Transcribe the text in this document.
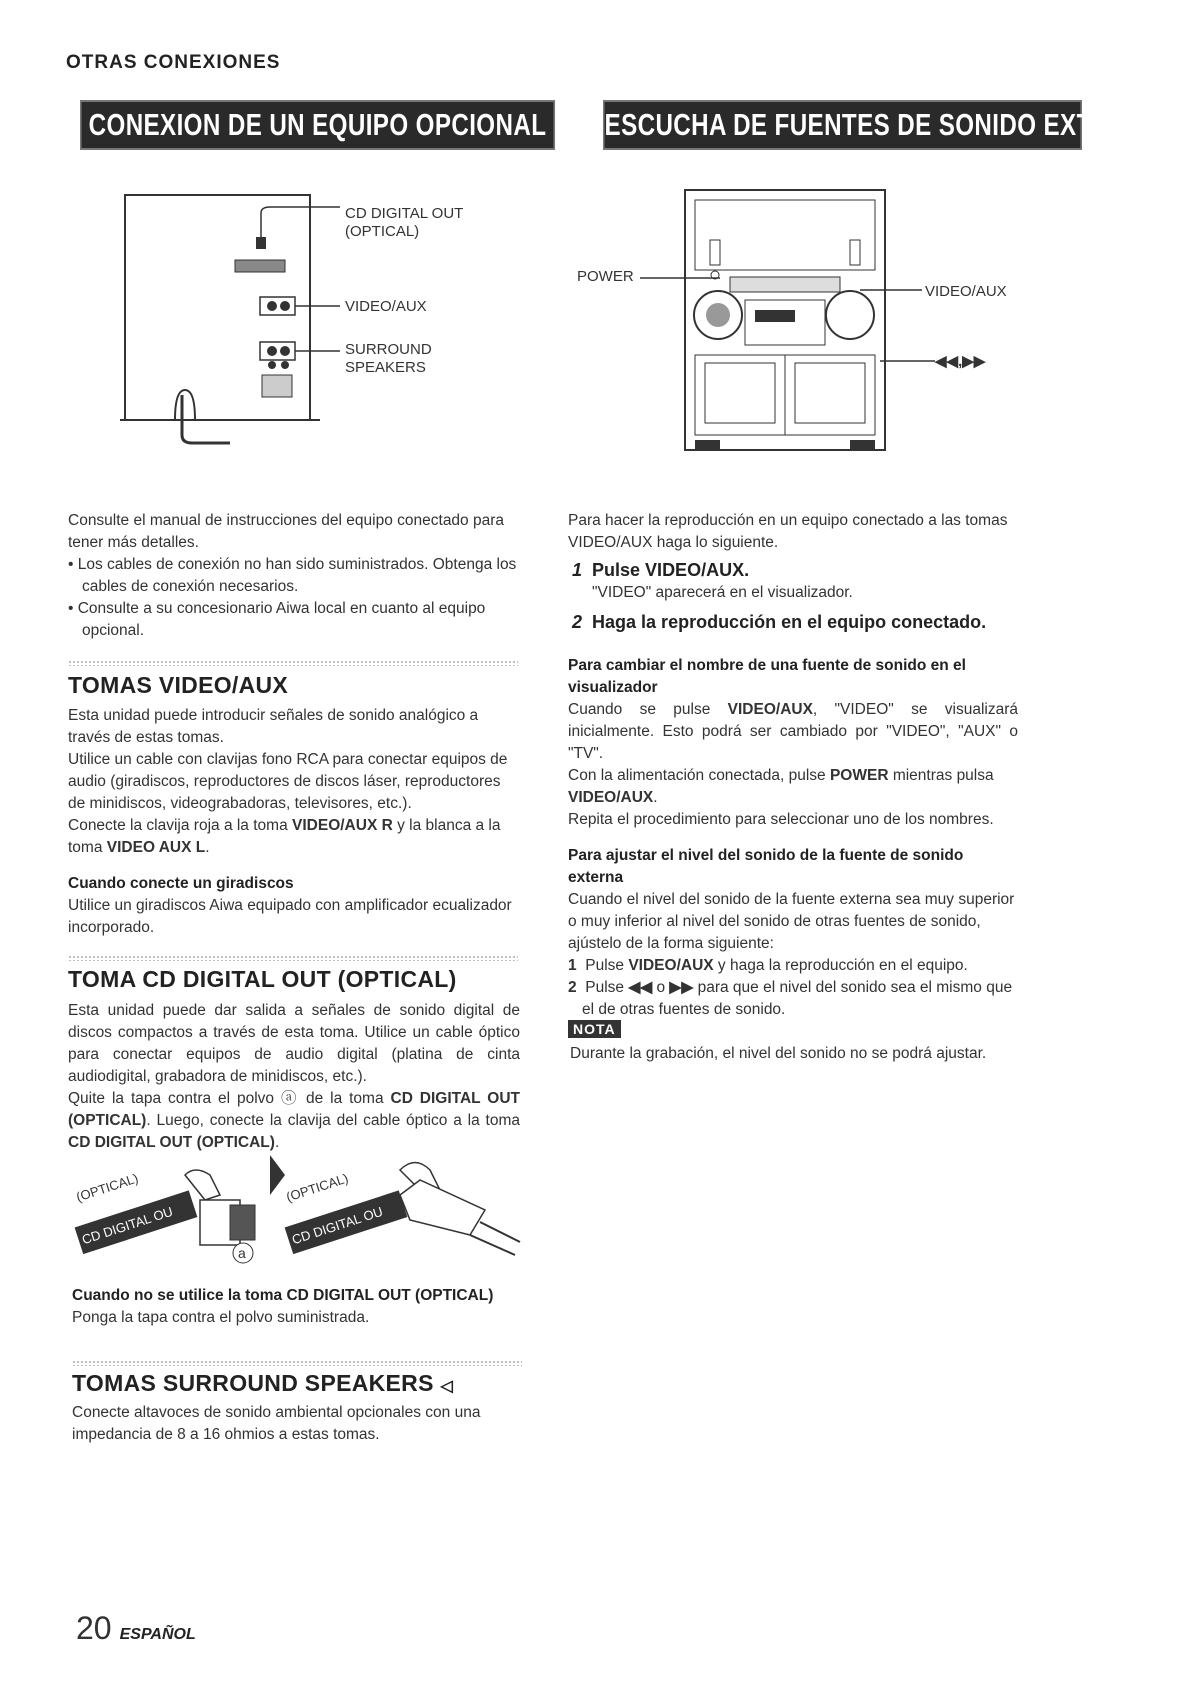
OTRAS CONEXIONES
CONEXION DE UN EQUIPO OPCIONAL ESCUCHA DE FUENTES DE SONIDO EXTERNAS
CD DIGITAL OUT
(OPTICAL)
VIDEO/AUX
SURROUND
SPEAKERS
POWER
VIDEO/AUX
◀◀,▶▶

Consulte el manual de instrucciones del equipo conectado para tener más detalles.

• Los cables de conexión no han sido suministrados. Obtenga los cables de conexión necesarios.

• Consulte a su concesionario Aiwa local en cuanto al equipo opcional.

TOMAS VIDEO/AUX

Esta unidad puede introducir señales de sonido analógico a través de estas tomas.

Utilice un cable con clavijas fono RCA para conectar equipos de audio (giradiscos, reproductores de discos láser, reproductores de minidiscos, videograbadoras, televisores, etc.).

Conecte la clavija roja a la toma VIDEO/AUX R y la blanca a la toma VIDEO AUX L.

Cuando conecte un giradiscos

Utilice un giradiscos Aiwa equipado con amplificador ecualizador incorporado.

TOMA CD DIGITAL OUT (OPTICAL)

Esta unidad puede dar salida a señales de sonido digital de discos compactos a través de esta toma. Utilice un cable óptico para conectar equipos de audio digital (platina de cinta audiodigital, grabadora de minidiscos, etc.).

Quite la tapa contra el polvo ⓐ de la toma CD DIGITAL OUT (OPTICAL). Luego, conecte la clavija del cable óptico a la toma CD DIGITAL OUT (OPTICAL).

(OPTICAL)
CD DIGITAL OU
(OPTICAL)
CD DIGITAL OU
a

Cuando no se utilice la toma CD DIGITAL OUT (OPTICAL)

Ponga la tapa contra el polvo suministrada.

TOMAS SURROUND SPEAKERS ◁

Conecte altavoces de sonido ambiental opcionales con una impedancia de 8 a 16 ohmios a estas tomas.

Para hacer la reproducción en un equipo conectado a las tomas VIDEO/AUX haga lo siguiente.

1 Pulse VIDEO/AUX.
"VIDEO" aparecerá en el visualizador.
2 Haga la reproducción en el equipo conectado.

Para cambiar el nombre de una fuente de sonido en el visualizador

Cuando se pulse VIDEO/AUX, "VIDEO" se visualizará inicialmente. Esto podrá ser cambiado por "VIDEO", "AUX" o "TV".

Con la alimentación conectada, pulse POWER mientras pulsa VIDEO/AUX.

Repita el procedimiento para seleccionar uno de los nombres.

Para ajustar el nivel del sonido de la fuente de sonido externa

Cuando el nivel del sonido de la fuente externa sea muy superior o muy inferior al nivel del sonido de otras fuentes de sonido, ajústelo de la forma siguiente:

1 Pulse VIDEO/AUX y haga la reproducción en el equipo.

2 Pulse ◀◀ o ▶▶ para que el nivel del sonido sea el mismo que el de otras fuentes de sonido.

NOTA
Durante la grabación, el nivel del sonido no se podrá ajustar.
20 ESPAÑOL
